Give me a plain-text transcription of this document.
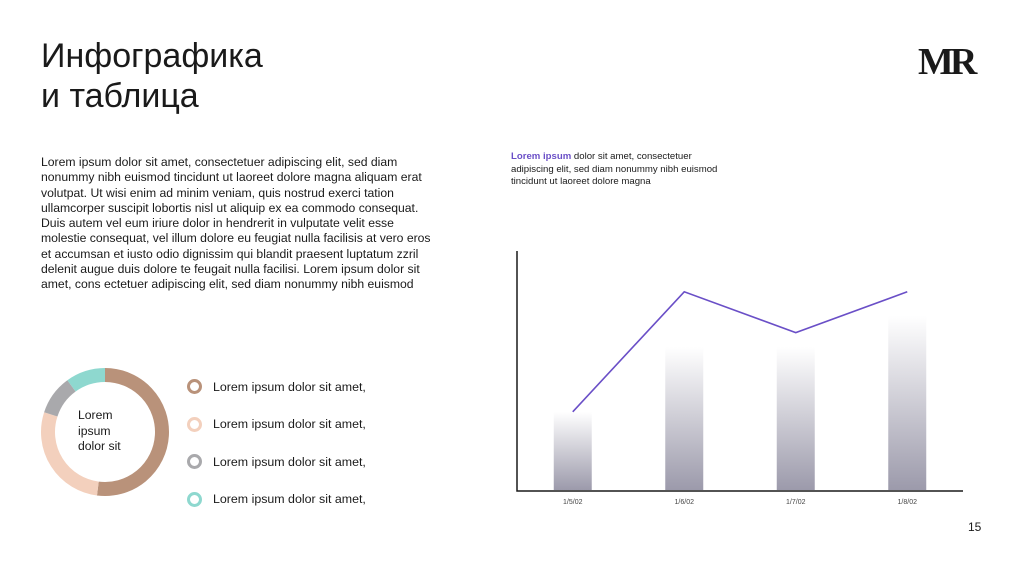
Инфографика
и таблица
MR
Lorem ipsum dolor sit amet, consectetuer adipiscing elit, sed diam nonummy nibh euismod tincidunt ut laoreet dolore magna aliquam erat volutpat. Ut wisi enim ad minim veniam, quis nostrud exerci tation ullamcorper suscipit lobortis nisl ut aliquip ex ea commodo consequat. Duis autem vel eum iriure dolor in hendrerit in vulputate velit esse molestie consequat, vel illum dolore eu feugiat nulla facilisis at vero eros et accumsan et iusto odio dignissim qui blandit praesent luptatum zzril delenit augue duis dolore te feugait nulla facilisi. Lorem ipsum dolor sit amet, cons ectetuer adipiscing elit, sed diam nonummy nibh euismod
Lorem ipsum dolor sit amet, consectetuer adipiscing elit, sed diam nonummy nibh euismod tincidunt ut laoreet dolore magna
Lorem ipsum dolor sit
Lorem ipsum dolor sit amet,
Lorem ipsum dolor sit amet,
Lorem ipsum dolor sit amet,
Lorem ipsum dolor sit amet,	1/5/02	1/6/02	1/7/02	1/8/02
15
